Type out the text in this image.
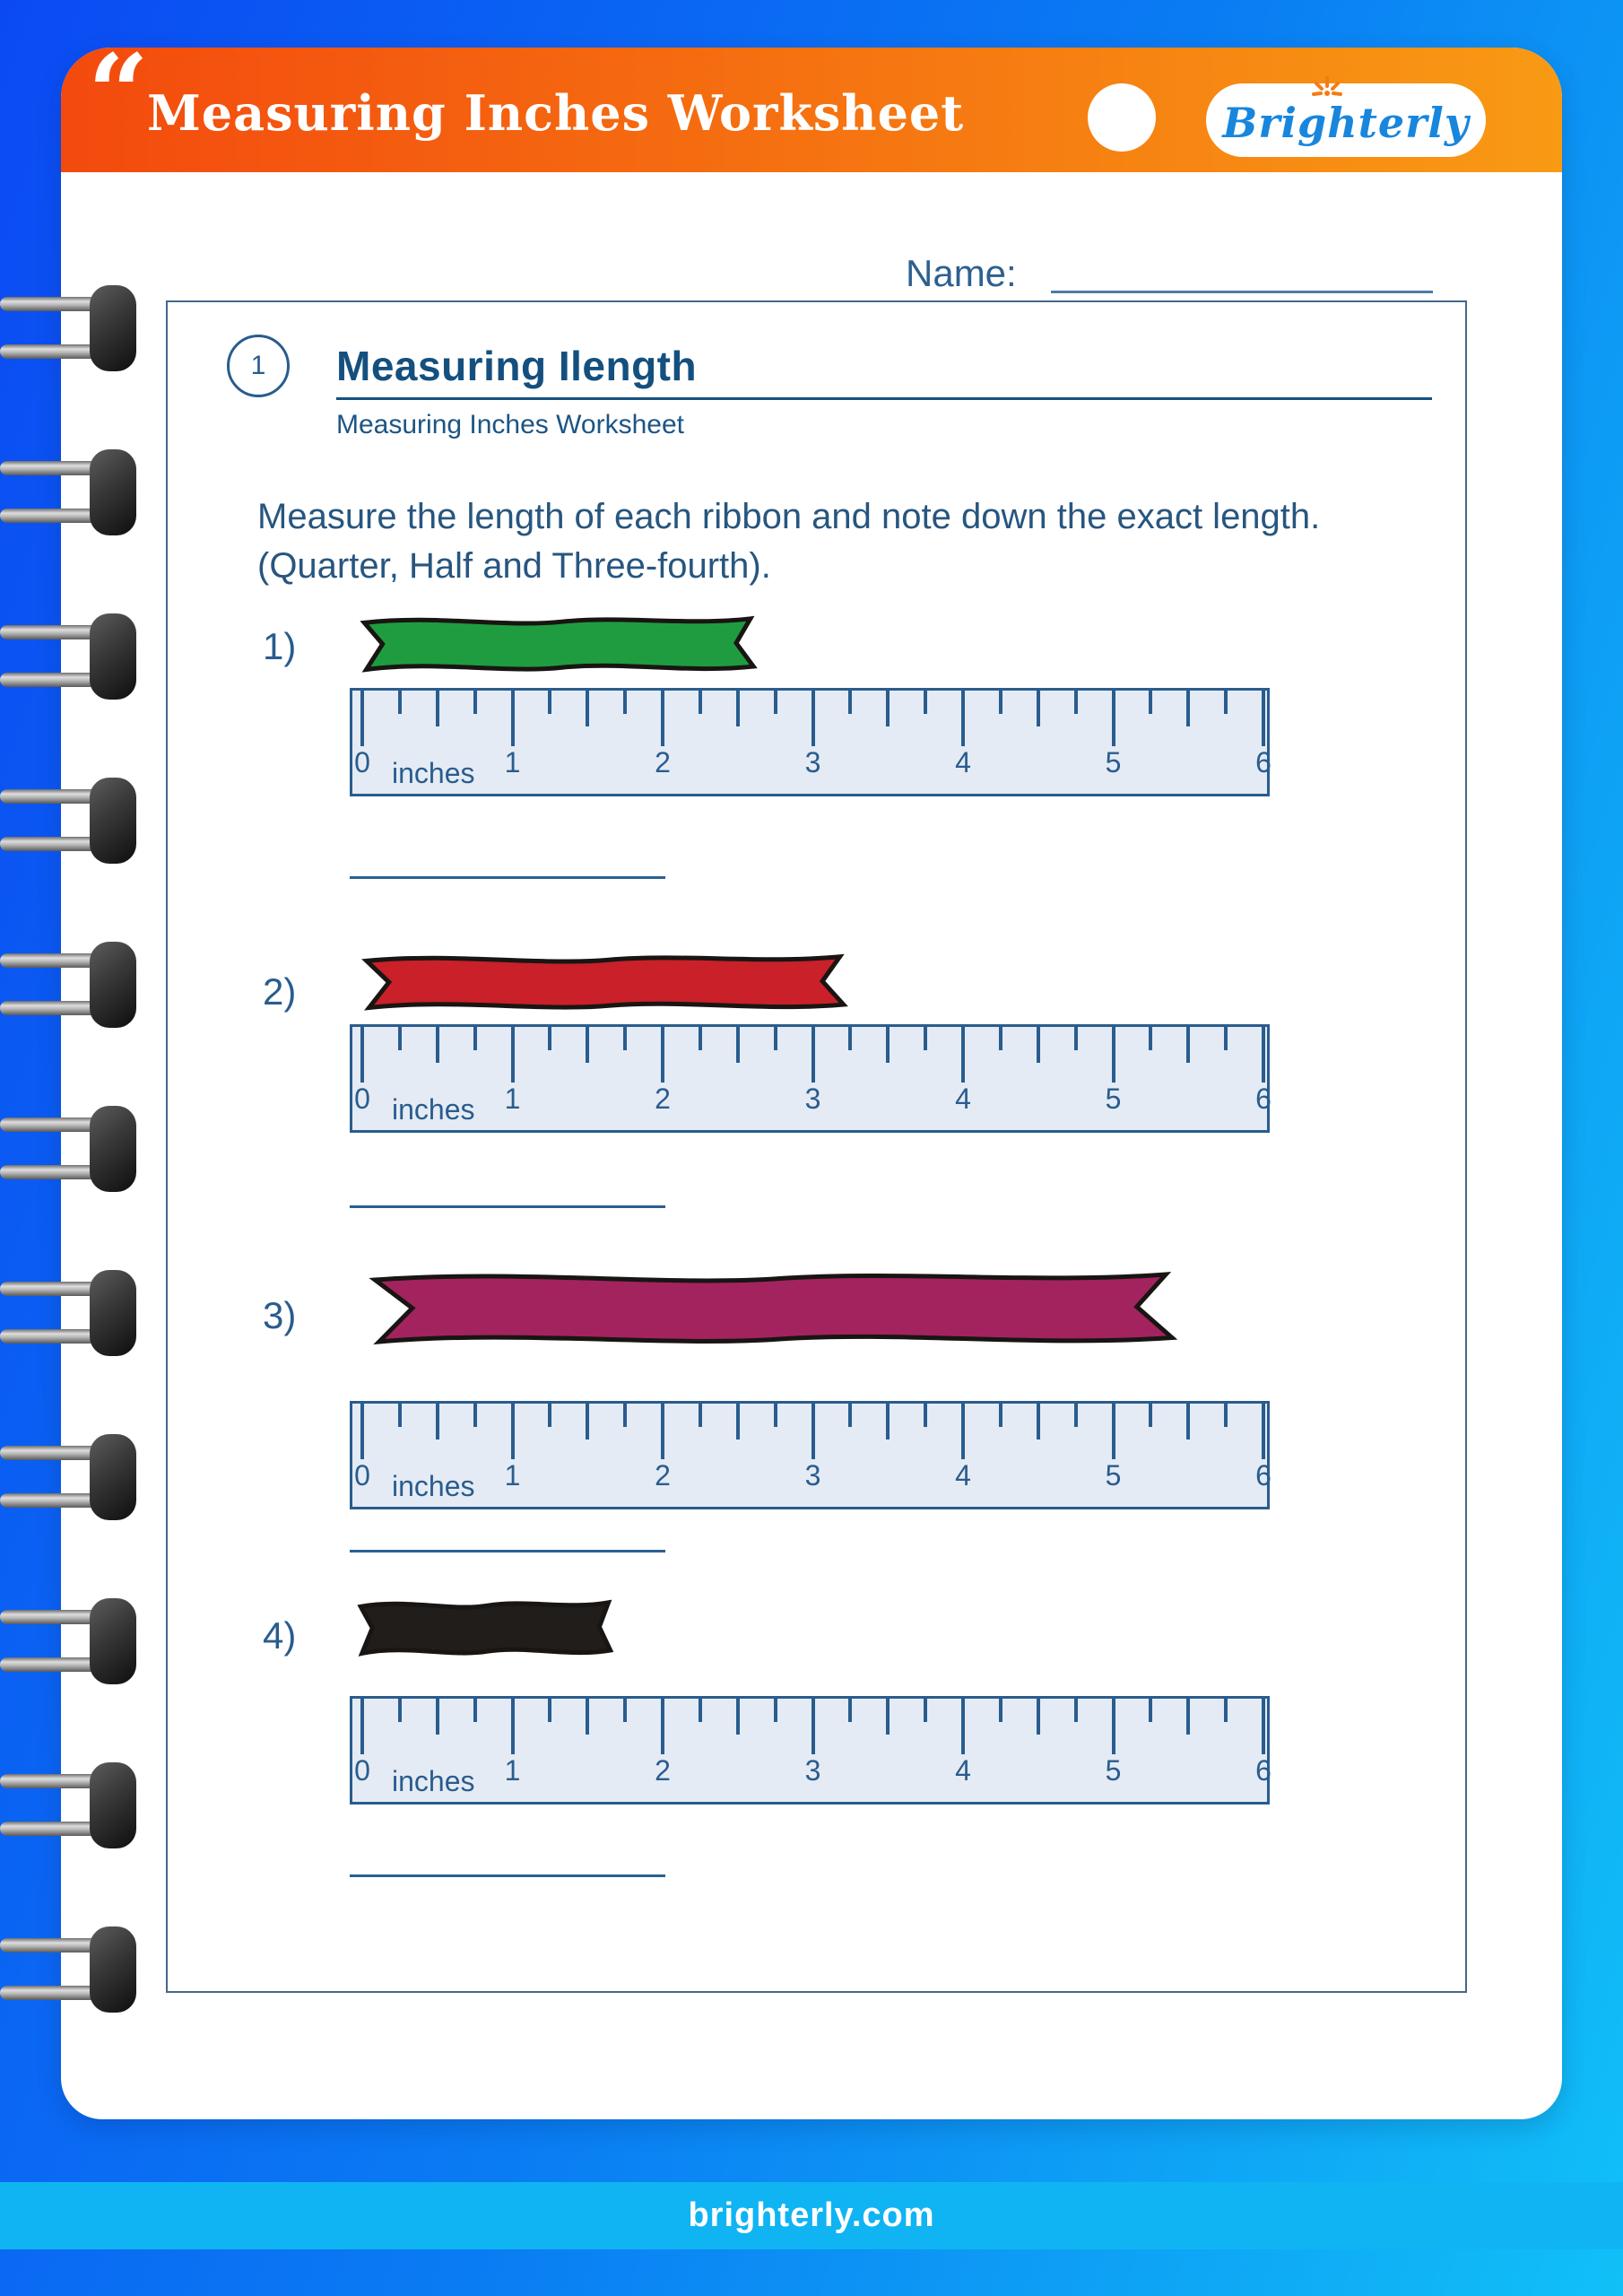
brighterly.com
“
Measuring Inches Worksheet	Brighterly
Name:
1 Measuring Ilength
Measuring Inches Worksheet
Measure the length of each ribbon and note down the exact length.
(Quarter, Half and Three-fourth).
1)
0	1	2	3	4	5	6
inches
2)
0	1	2	3	4	5	6
inches
3)
0	1	2	3	4	5	6
inches
4)
0	1	2	3	4	5	6
inches
